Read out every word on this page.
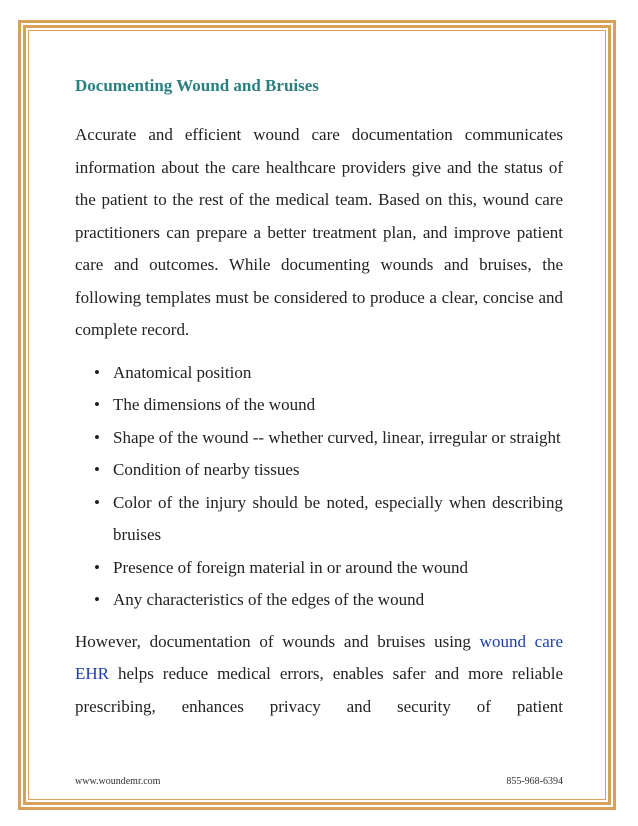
Documenting Wound and Bruises

Accurate and efficient wound care documentation communicates information about the care healthcare providers give and the status of the patient to the rest of the medical team. Based on this, wound care practitioners can prepare a better treatment plan, and improve patient care and outcomes. While documenting wounds and bruises, the following templates must be considered to produce a clear, concise and complete record.

• Anatomical position
• The dimensions of the wound
• Shape of the wound -- whether curved, linear, irregular or straight
• Condition of nearby tissues
• Color of the injury should be noted, especially when describing bruises
• Presence of foreign material in or around the wound
• Any characteristics of the edges of the wound

However, documentation of wounds and bruises using wound care EHR helps reduce medical errors, enables safer and more reliable prescribing, enhances privacy and security of patient

www.woundemr.com	855-968-6394
